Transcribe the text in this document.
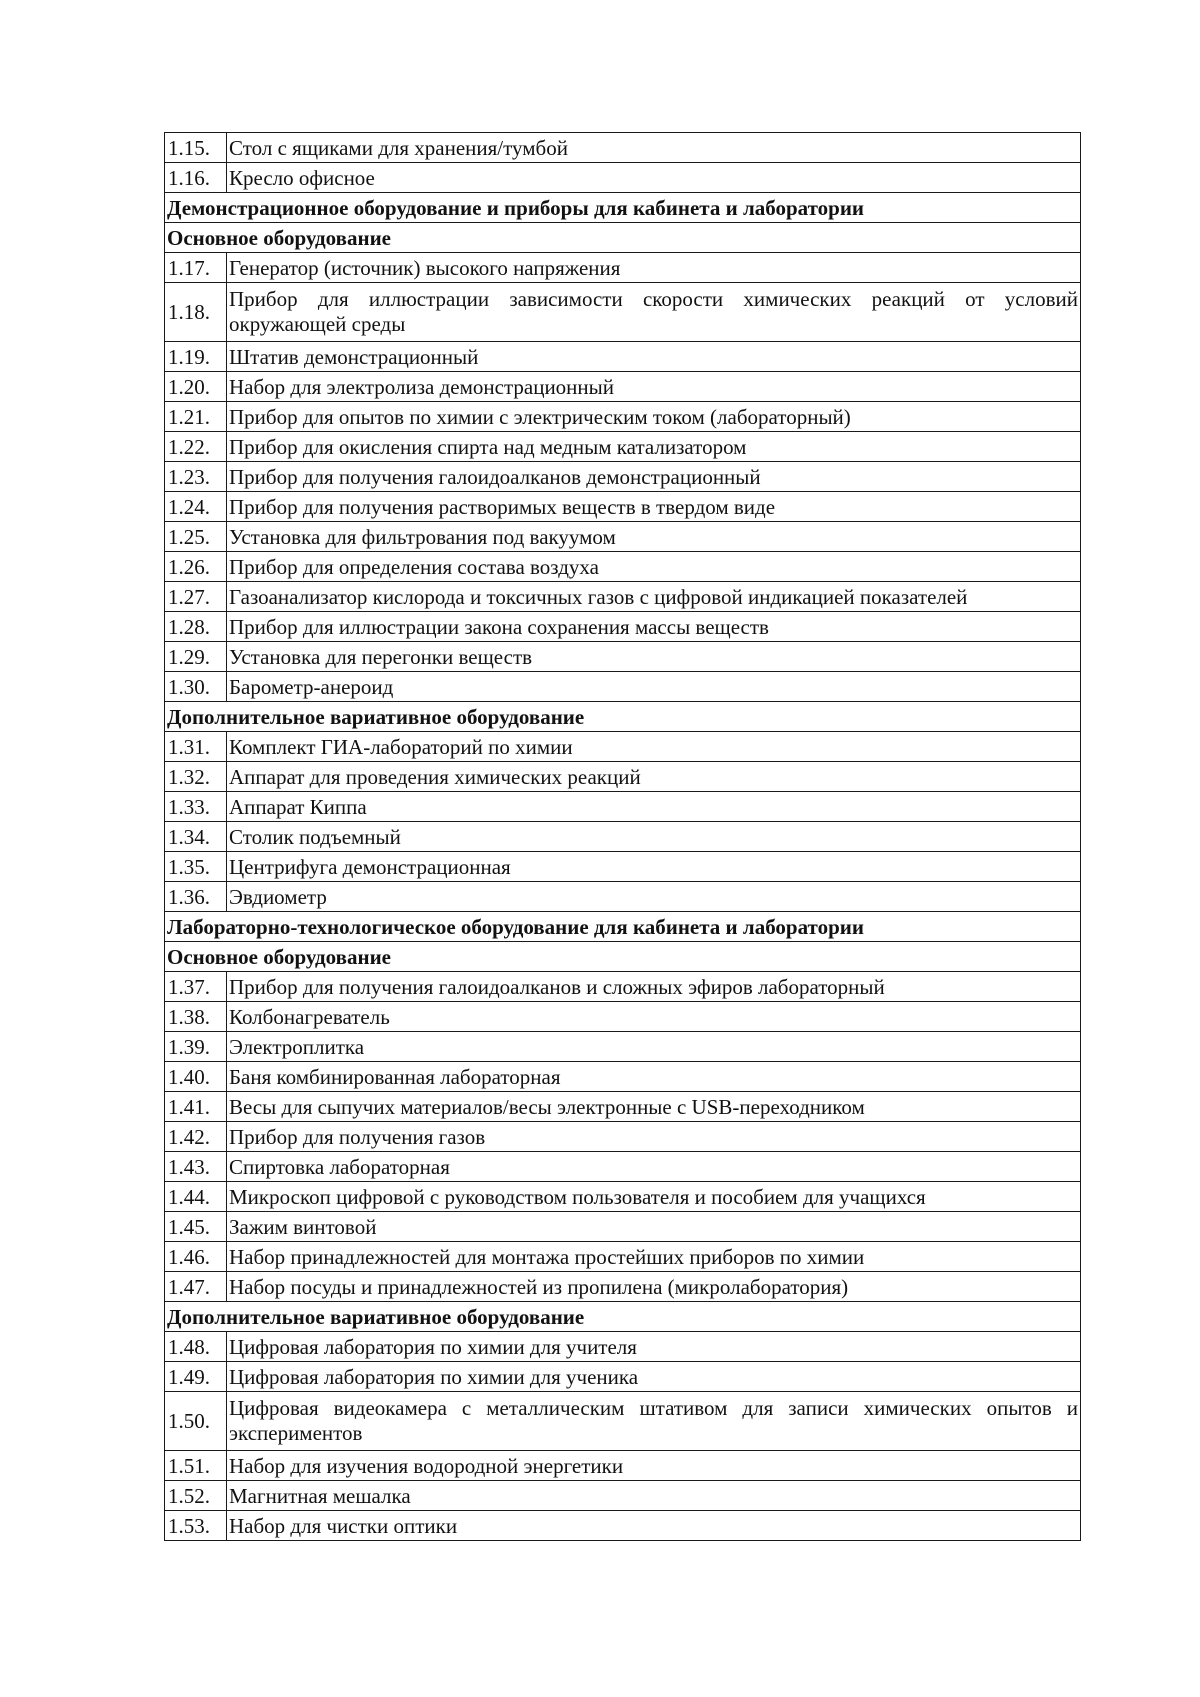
1.15.	Стол с ящиками для хранения/тумбой
1.16.	Кресло офисное
Демонстрационное оборудование и приборы для кабинета и лаборатории	
Основное оборудование	
1.17.	Генератор (источник) высокого напряжения
1.18.	Прибор для иллюстрации зависимости скорости химических реакций от условий окружающей среды
1.19.	Штатив демонстрационный
1.20.	Набор для электролиза демонстрационный
1.21.	Прибор для опытов по химии с электрическим током (лабораторный)
1.22.	Прибор для окисления спирта над медным катализатором
1.23.	Прибор для получения галоидоалканов демонстрационный
1.24.	Прибор для получения растворимых веществ в твердом виде
1.25.	Установка для фильтрования под вакуумом
1.26.	Прибор для определения состава воздуха
1.27.	Газоанализатор кислорода и токсичных газов с цифровой индикацией показателей
1.28.	Прибор для иллюстрации закона сохранения массы веществ
1.29.	Установка для перегонки веществ
1.30.	Барометр-анероид
Дополнительное вариативное оборудование	
1.31.	Комплект ГИА-лабораторий по химии
1.32.	Аппарат для проведения химических реакций
1.33.	Аппарат Киппа
1.34.	Столик подъемный
1.35.	Центрифуга демонстрационная
1.36.	Эвдиометр
Лабораторно-технологическое оборудование для кабинета и лаборатории	
Основное оборудование	
1.37.	Прибор для получения галоидоалканов и сложных эфиров лабораторный
1.38.	Колбонагреватель
1.39.	Электроплитка
1.40.	Баня комбинированная лабораторная
1.41.	Весы для сыпучих материалов/весы электронные с USB-переходником
1.42.	Прибор для получения газов
1.43.	Спиртовка лабораторная
1.44.	Микроскоп цифровой с руководством пользователя и пособием для учащихся
1.45.	Зажим винтовой
1.46.	Набор принадлежностей для монтажа простейших приборов по химии
1.47.	Набор посуды и принадлежностей из пропилена (микролаборатория)
Дополнительное вариативное оборудование	
1.48.	Цифровая лаборатория по химии для учителя
1.49.	Цифровая лаборатория по химии для ученика
1.50.	Цифровая видеокамера с металлическим штативом для записи химических опытов и экспериментов
1.51.	Набор для изучения водородной энергетики
1.52.	Магнитная мешалка
1.53.	Набор для чистки оптики
